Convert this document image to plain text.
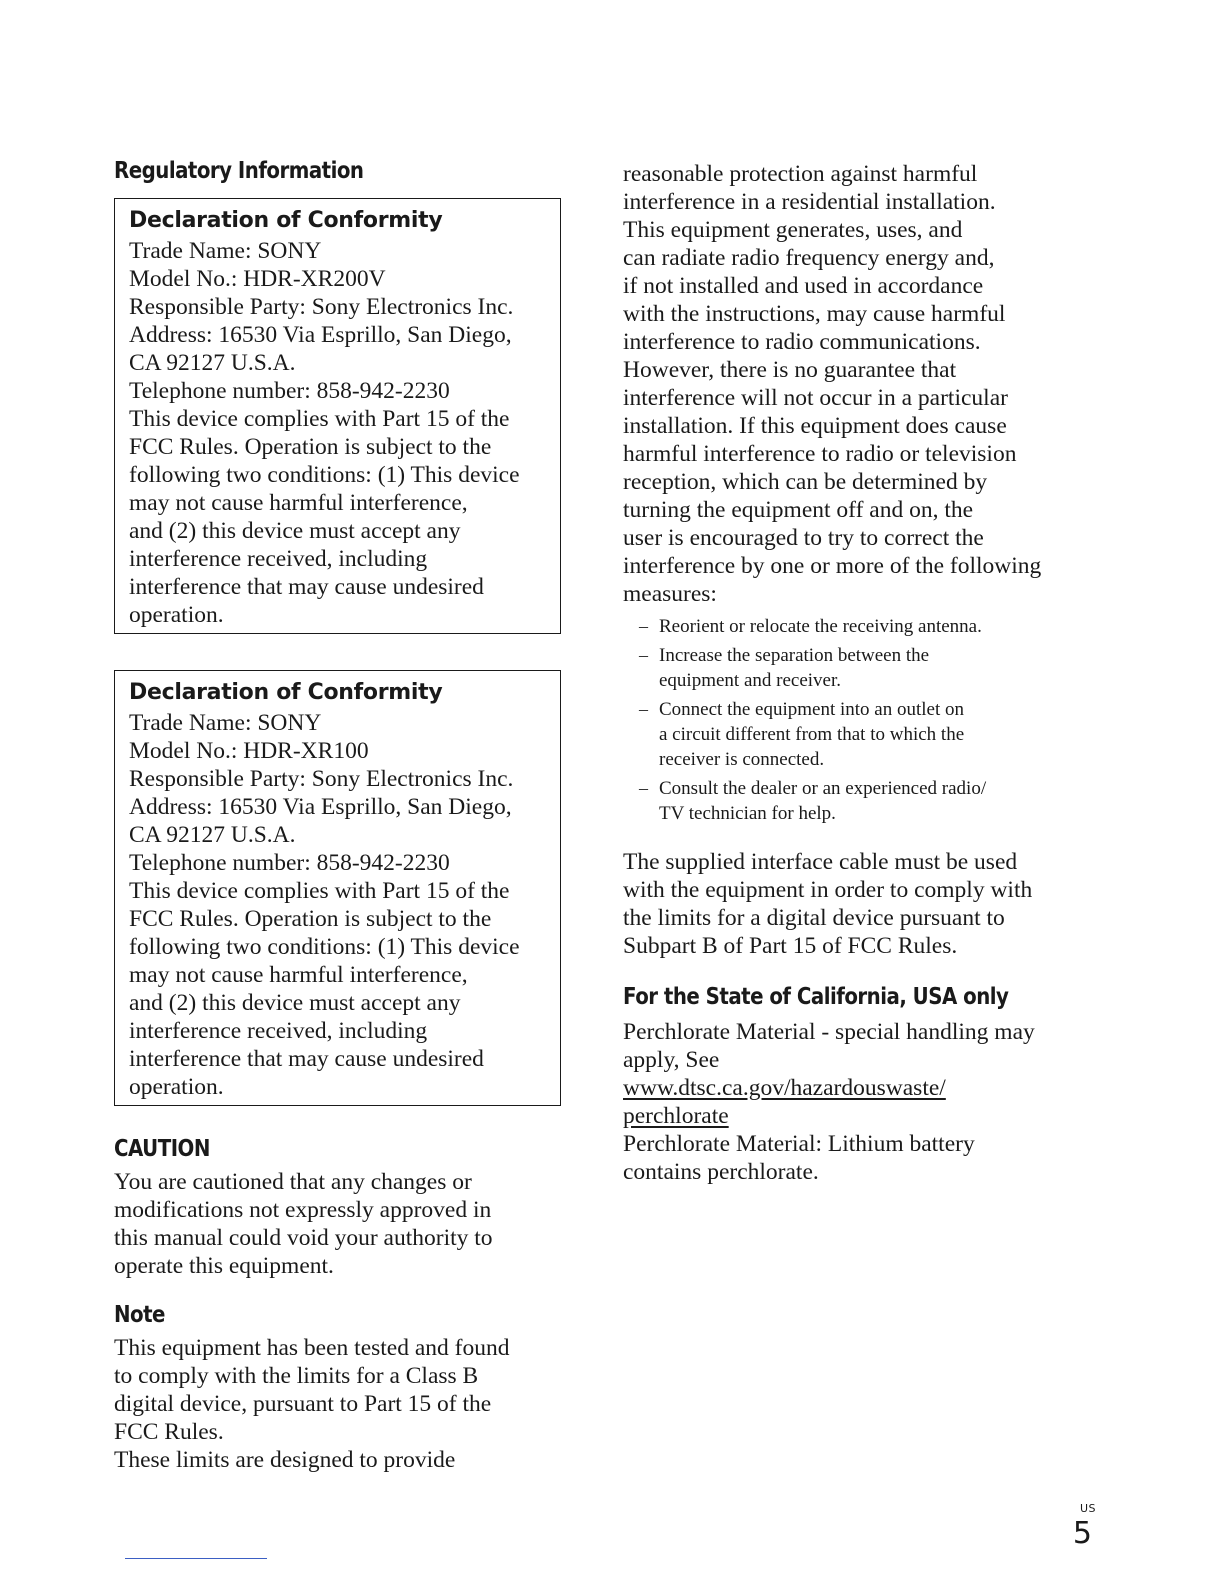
Regulatory Information
Declaration of Conformity
Trade Name: SONY
Model No.: HDR-XR200V
Responsible Party: Sony Electronics Inc.
Address: 16530 Via Esprillo, San Diego,
CA 92127 U.S.A.
Telephone number: 858-942-2230
This device complies with Part 15 of the
FCC Rules. Operation is subject to the
following two conditions: (1) This device
may not cause harmful interference,
and (2) this device must accept any
interference received, including
interference that may cause undesired
operation.
Declaration of Conformity
Trade Name: SONY
Model No.: HDR-XR100
Responsible Party: Sony Electronics Inc.
Address: 16530 Via Esprillo, San Diego,
CA 92127 U.S.A.
Telephone number: 858-942-2230
This device complies with Part 15 of the
FCC Rules. Operation is subject to the
following two conditions: (1) This device
may not cause harmful interference,
and (2) this device must accept any
interference received, including
interference that may cause undesired
operation.
CAUTION
You are cautioned that any changes or
modifications not expressly approved in
this manual could void your authority to
operate this equipment.
Note
This equipment has been tested and found
to comply with the limits for a Class B
digital device, pursuant to Part 15 of the
FCC Rules.
These limits are designed to provide
reasonable protection against harmful
interference in a residential installation.
This equipment generates, uses, and
can radiate radio frequency energy and,
if not installed and used in accordance
with the instructions, may cause harmful
interference to radio communications.
However, there is no guarantee that
interference will not occur in a particular
installation. If this equipment does cause
harmful interference to radio or television
reception, which can be determined by
turning the equipment off and on, the
user is encouraged to try to correct the
interference by one or more of the following
measures:
– Reorient or relocate the receiving antenna.
– Increase the separation between the
equipment and receiver.
– Connect the equipment into an outlet on
a circuit different from that to which the
receiver is connected.
– Consult the dealer or an experienced radio/
TV technician for help.
The supplied interface cable must be used
with the equipment in order to comply with
the limits for a digital device pursuant to
Subpart B of Part 15 of FCC Rules.
For the State of California, USA only
Perchlorate Material - special handling may
apply, See
www.dtsc.ca.gov/hazardouswaste/
perchlorate
Perchlorate Material: Lithium battery
contains perchlorate.
US
5
